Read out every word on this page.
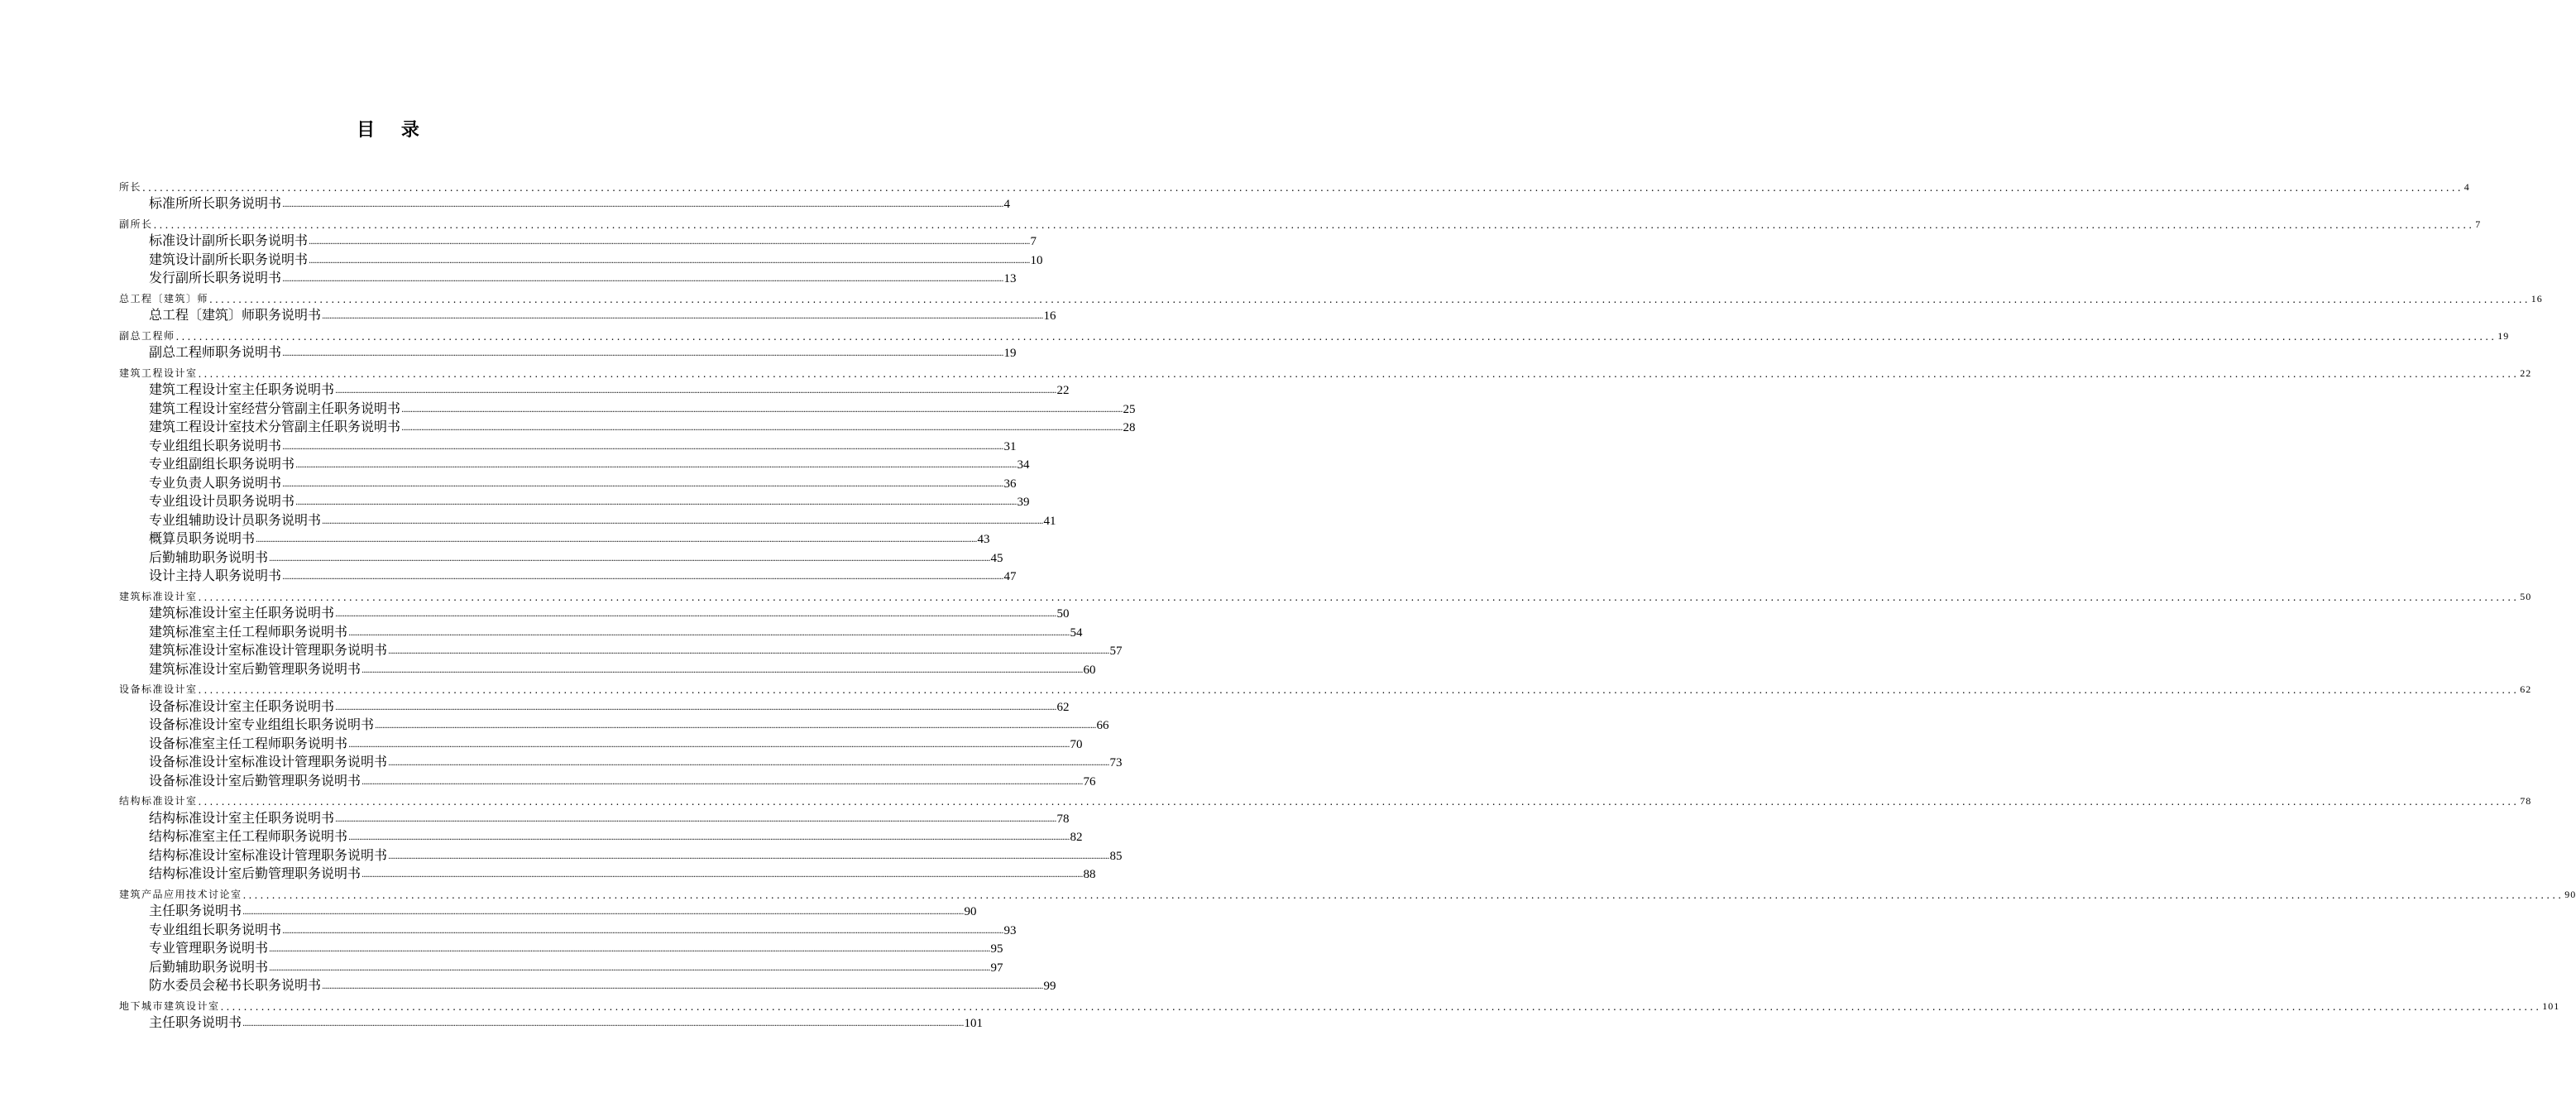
目 录
所长 ................................................................................................................................................................................................................................................................................................................................................................................................................ 4
标准所所长职务说明书 ................................................................................................................................................................................................................................................................................................................................................................................................................ 4
副所长 ................................................................................................................................................................................................................................................................................................................................................................................................................ 7
标准设计副所长职务说明书 ................................................................................................................................................................................................................................................................................................................................................................................................................ 7
建筑设计副所长职务说明书 ................................................................................................................................................................................................................................................................................................................................................................................................................ 10
发行副所长职务说明书 ................................................................................................................................................................................................................................................................................................................................................................................................................ 13
总工程〔建筑〕师 ................................................................................................................................................................................................................................................................................................................................................................................................................ 16
总工程〔建筑〕师职务说明书 ................................................................................................................................................................................................................................................................................................................................................................................................................ 16
副总工程师 ................................................................................................................................................................................................................................................................................................................................................................................................................ 19
副总工程师职务说明书 ................................................................................................................................................................................................................................................................................................................................................................................................................ 19
建筑工程设计室 ................................................................................................................................................................................................................................................................................................................................................................................................................ 22
建筑工程设计室主任职务说明书 ................................................................................................................................................................................................................................................................................................................................................................................................................ 22
建筑工程设计室经营分管副主任职务说明书 ................................................................................................................................................................................................................................................................................................................................................................................................................ 25
建筑工程设计室技术分管副主任职务说明书 ................................................................................................................................................................................................................................................................................................................................................................................................................ 28
专业组组长职务说明书 ................................................................................................................................................................................................................................................................................................................................................................................................................ 31
专业组副组长职务说明书 ................................................................................................................................................................................................................................................................................................................................................................................................................ 34
专业负责人职务说明书 ................................................................................................................................................................................................................................................................................................................................................................................................................ 36
专业组设计员职务说明书 ................................................................................................................................................................................................................................................................................................................................................................................................................ 39
专业组辅助设计员职务说明书 ................................................................................................................................................................................................................................................................................................................................................................................................................ 41
概算员职务说明书 ................................................................................................................................................................................................................................................................................................................................................................................................................ 43
后勤辅助职务说明书 ................................................................................................................................................................................................................................................................................................................................................................................................................ 45
设计主持人职务说明书 ................................................................................................................................................................................................................................................................................................................................................................................................................ 47
建筑标准设计室 ................................................................................................................................................................................................................................................................................................................................................................................................................ 50
建筑标准设计室主任职务说明书 ................................................................................................................................................................................................................................................................................................................................................................................................................ 50
建筑标准室主任工程师职务说明书 ................................................................................................................................................................................................................................................................................................................................................................................................................ 54
建筑标准设计室标准设计管理职务说明书 ................................................................................................................................................................................................................................................................................................................................................................................................................ 57
建筑标准设计室后勤管理职务说明书 ................................................................................................................................................................................................................................................................................................................................................................................................................ 60
设备标准设计室 ................................................................................................................................................................................................................................................................................................................................................................................................................ 62
设备标准设计室主任职务说明书 ................................................................................................................................................................................................................................................................................................................................................................................................................ 62
设备标准设计室专业组组长职务说明书 ................................................................................................................................................................................................................................................................................................................................................................................................................ 66
设备标准室主任工程师职务说明书 ................................................................................................................................................................................................................................................................................................................................................................................................................ 70
设备标准设计室标准设计管理职务说明书 ................................................................................................................................................................................................................................................................................................................................................................................................................ 73
设备标准设计室后勤管理职务说明书 ................................................................................................................................................................................................................................................................................................................................................................................................................ 76
结构标准设计室 ................................................................................................................................................................................................................................................................................................................................................................................................................ 78
结构标准设计室主任职务说明书 ................................................................................................................................................................................................................................................................................................................................................................................................................ 78
结构标准室主任工程师职务说明书 ................................................................................................................................................................................................................................................................................................................................................................................................................ 82
结构标准设计室标准设计管理职务说明书 ................................................................................................................................................................................................................................................................................................................................................................................................................ 85
结构标准设计室后勤管理职务说明书 ................................................................................................................................................................................................................................................................................................................................................................................................................ 88
建筑产品应用技术讨论室 ................................................................................................................................................................................................................................................................................................................................................................................................................ 90
主任职务说明书 ................................................................................................................................................................................................................................................................................................................................................................................................................ 90
专业组组长职务说明书 ................................................................................................................................................................................................................................................................................................................................................................................................................ 93
专业管理职务说明书 ................................................................................................................................................................................................................................................................................................................................................................................................................ 95
后勤辅助职务说明书 ................................................................................................................................................................................................................................................................................................................................................................................................................ 97
防水委员会秘书长职务说明书 ................................................................................................................................................................................................................................................................................................................................................................................................................ 99
地下城市建筑设计室 ................................................................................................................................................................................................................................................................................................................................................................................................................ 101
主任职务说明书 ................................................................................................................................................................................................................................................................................................................................................................................................................ 101
